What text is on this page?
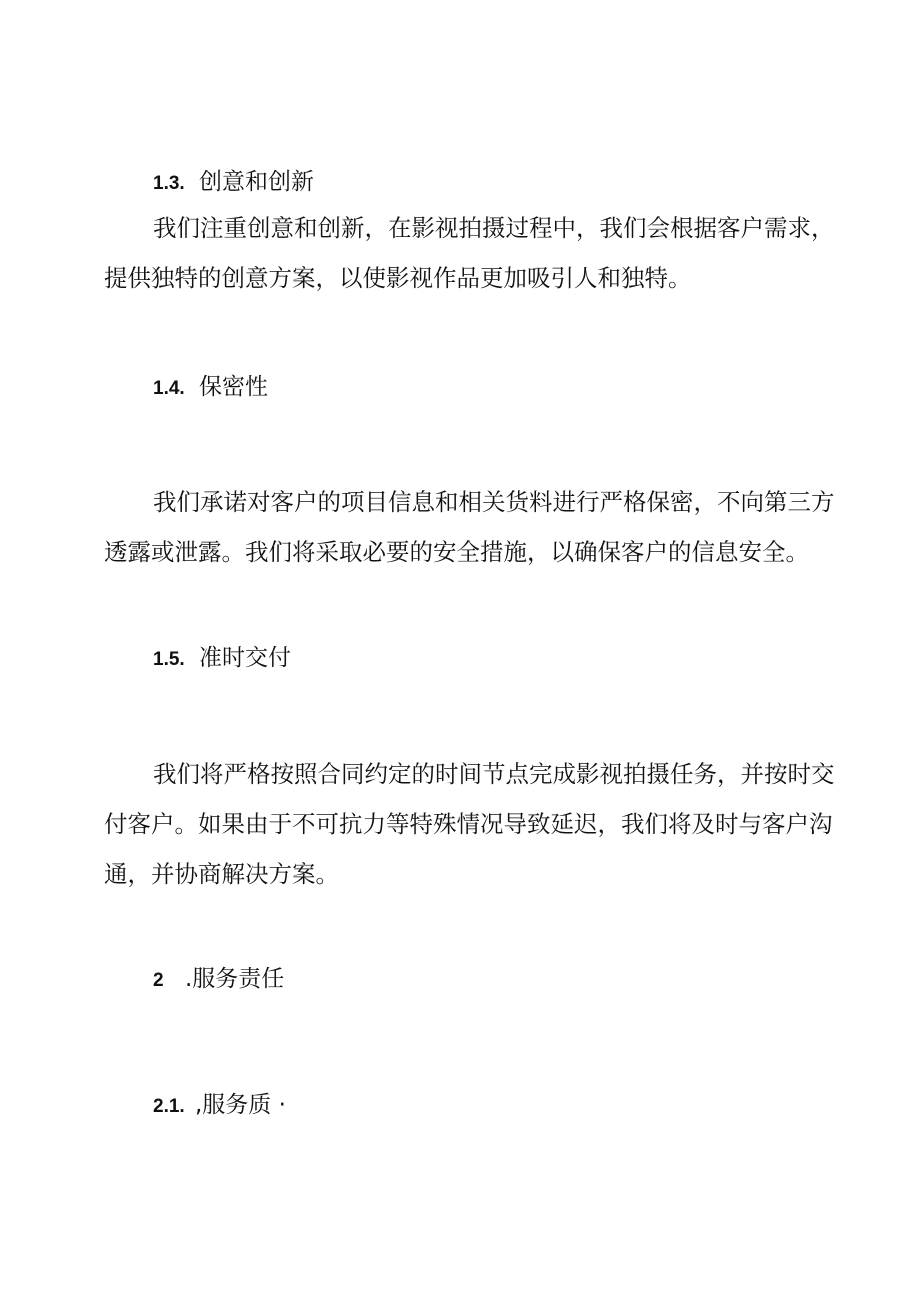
1.3. 创意和创新
我们注重创意和创新，在影视拍摄过程中，我们会根据客户需求，
提供独特的创意方案，以使影视作品更加吸引人和独特。
1.4. 保密性
我们承诺对客户的项目信息和相关货料进行严格保密，不向第三方
透露或泄露。我们将采取必要的安全措施，以确保客户的信息安全。
1.5. 准时交付
我们将严格按照合同约定的时间节点完成影视拍摄任务，并按时交
付客户。如果由于不可抗力等特殊情况导致延迟，我们将及时与客户沟
通，并协商解决方案。
2 .服务责任
2.1. ,服务质 ·
